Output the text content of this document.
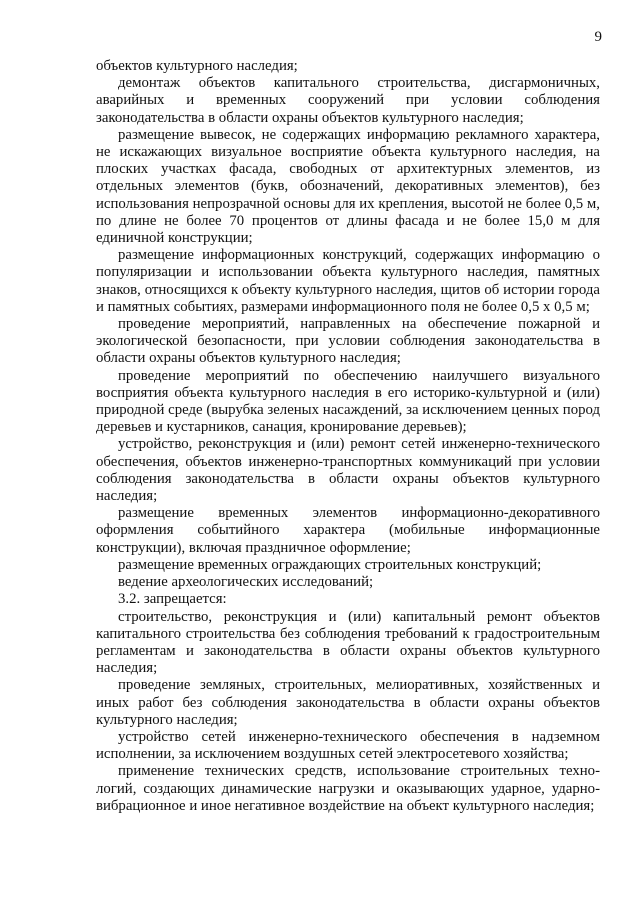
9

объектов культурного наследия;

демонтаж объектов капитального строительства, дисгармоничных, аварийных и временных сооружений при условии соблюдения законодательства в области охраны объектов культурного наследия;

размещение вывесок, не содержащих информацию рекламного характера, не искажающих визуальное восприятие объекта культурного наследия, на плоских участках фасада, свободных от архитектурных элементов, из отдельных элементов (букв, обозначений, декоративных элементов), без использования непрозрачной основы для их крепления, высотой не более 0,5 м, по длине не более 70 процентов от длины фасада и не более 15,0 м для единичной конструкции;

размещение информационных конструкций, содержащих информацию о популяризации и использовании объекта культурного наследия, памятных знаков, относящихся к объекту культурного наследия, щитов об истории города и памятных событиях, размерами информационного поля не более 0,5 х 0,5 м;

проведение мероприятий, направленных на обеспечение пожарной и экологической безопасности, при условии соблюдения законодательства в области охраны объектов культурного наследия;

проведение мероприятий по обеспечению наилучшего визуального восприятия объекта культурного наследия в его историко-культурной и (или) природной среде (вырубка зеленых насаждений, за исключением ценных пород деревьев и кустарников, санация, кронирование деревьев);

устройство, реконструкция и (или) ремонт сетей инженерно-технического обеспечения, объектов инженерно-транспортных коммуникаций при условии соблюдения законодательства в области охраны объектов культурного наследия;

размещение временных элементов информационно-декоративного оформления событийного характера (мобильные информационные конструкции), включая праздничное оформление;

размещение временных ограждающих строительных конструкций;

ведение археологических исследований;

3.2. запрещается:

строительство, реконструкция и (или) капитальный ремонт объектов капитального строительства без соблюдения требований к градостроительным регламентам и законодательства в области охраны объектов культурного наследия;

проведение земляных, строительных, мелиоративных, хозяйственных и иных работ без соблюдения законодательства в области охраны объектов культурного наследия;

устройство сетей инженерно-технического обеспечения в надземном исполнении, за исключением воздушных сетей электросетевого хозяйства;

применение технических средств, использование строительных технологий, создающих динамические нагрузки и оказывающих ударное, ударно-вибрационное и иное негативное воздействие на объект культурного наследия;
